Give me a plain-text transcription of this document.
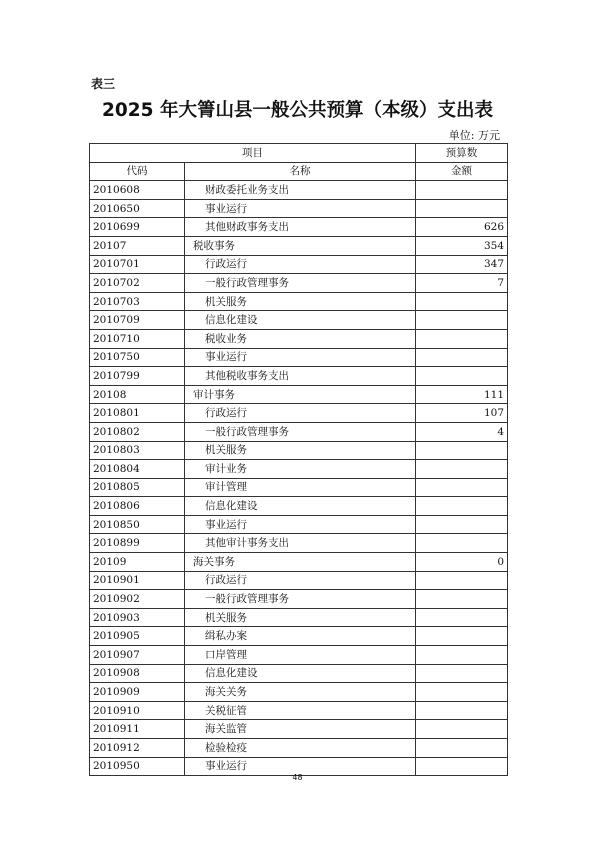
表三
2025 年大箐山县一般公共预算（本级）支出表
单位: 万元
项目		预算数
代码	名称	金额
2010608	财政委托业务支出	
2010650	事业运行	
2010699	其他财政事务支出	626
20107	税收事务	354
2010701	行政运行	347
2010702	一般行政管理事务	7
2010703	机关服务	
2010709	信息化建设	
2010710	税收业务	
2010750	事业运行	
2010799	其他税收事务支出	
20108	审计事务	111
2010801	行政运行	107
2010802	一般行政管理事务	4
2010803	机关服务	
2010804	审计业务	
2010805	审计管理	
2010806	信息化建设	
2010850	事业运行	
2010899	其他审计事务支出	
20109	海关事务	0
2010901	行政运行	
2010902	一般行政管理事务	
2010903	机关服务	
2010905	缉私办案	
2010907	口岸管理	
2010908	信息化建设	
2010909	海关关务	
2010910	关税征管	
2010911	海关监管	
2010912	检验检疫	
2010950	事业运行	
48
